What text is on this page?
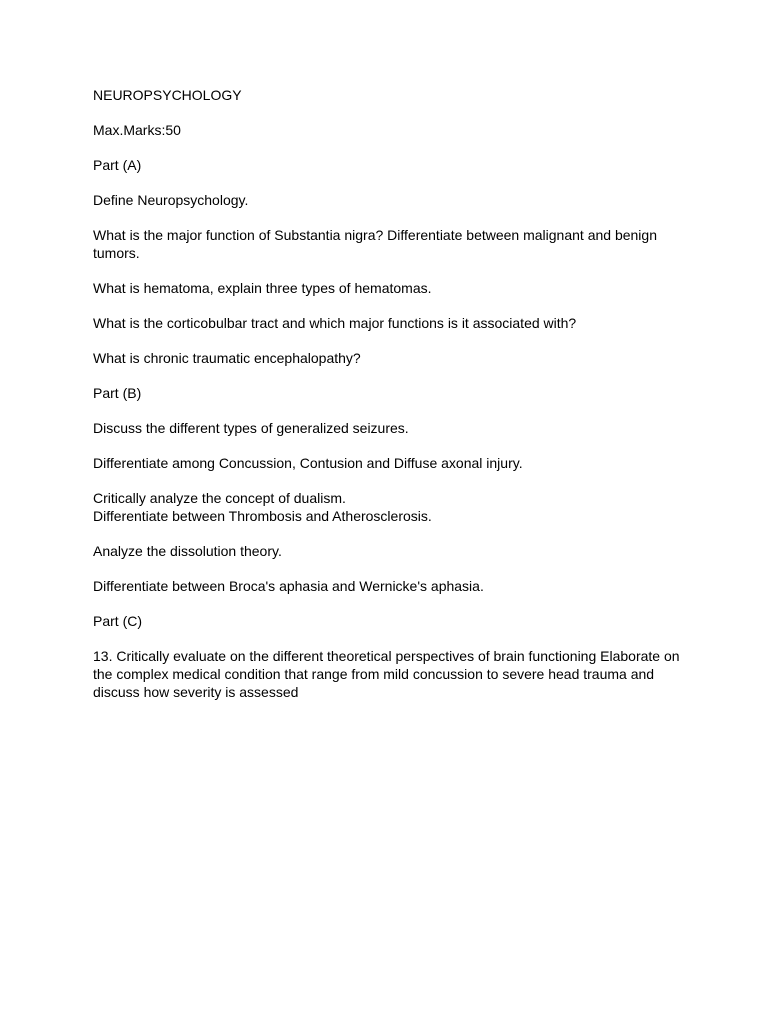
NEUROPSYCHOLOGY

Max.Marks:50

Part (A)

Define Neuropsychology.

What is the major function of Substantia nigra? Differentiate between malignant and benign tumors.

What is hematoma, explain three types of hematomas.

What is the corticobulbar tract and which major functions is it associated with?

What is chronic traumatic encephalopathy?

Part (B)

Discuss the different types of generalized seizures.

Differentiate among Concussion, Contusion and Diffuse axonal injury.

Critically analyze the concept of dualism.

Differentiate between Thrombosis and Atherosclerosis.

Analyze the dissolution theory.

Differentiate between Broca's aphasia and Wernicke's aphasia.

Part (C)

13. Critically evaluate on the different theoretical perspectives of brain functioning Elaborate on the complex medical condition that range from mild concussion to severe head trauma and discuss how severity is assessed
